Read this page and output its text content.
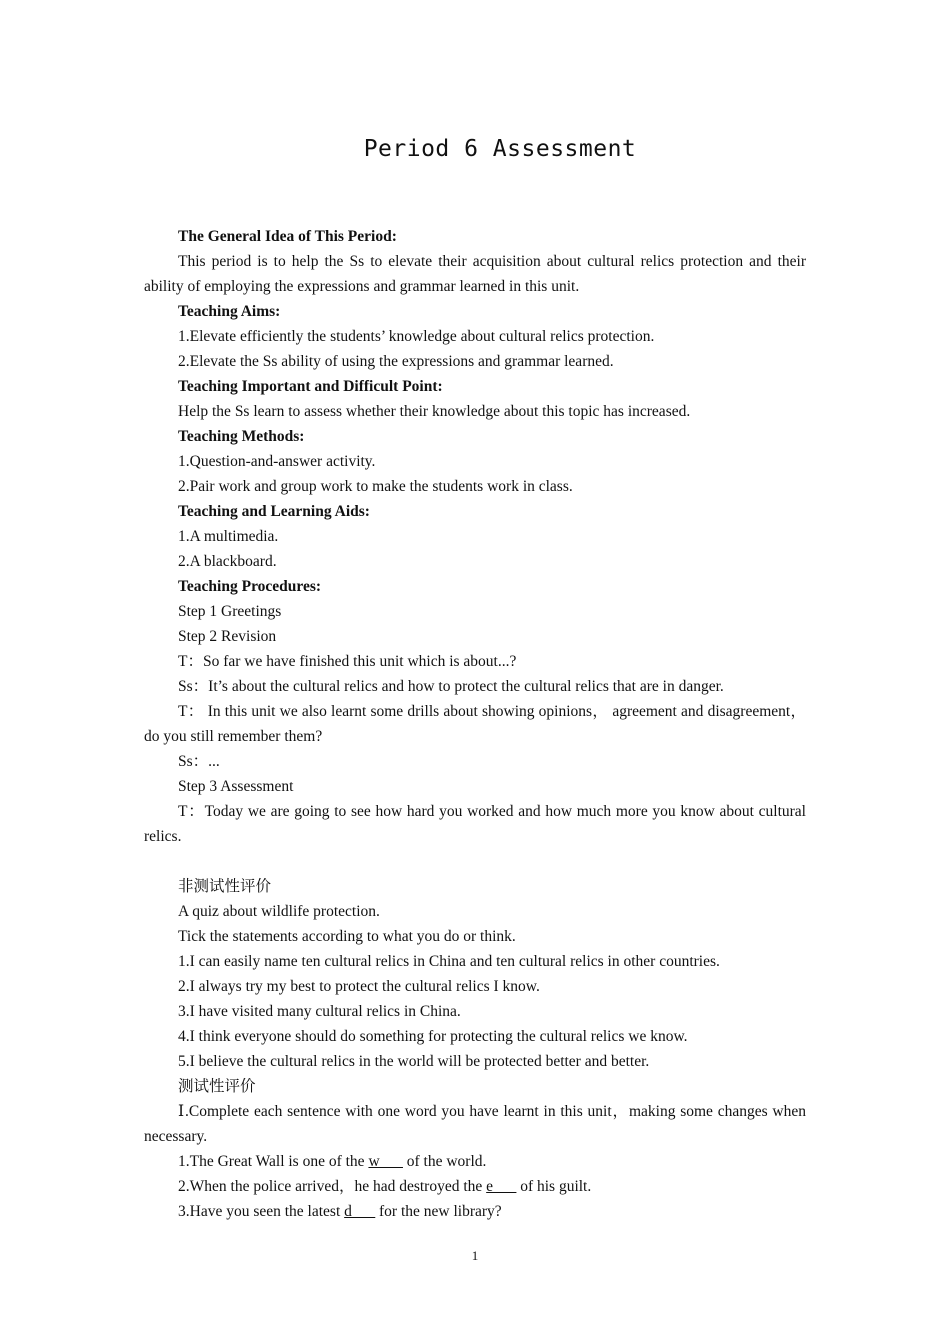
Period 6 Assessment

The General Idea of This Period:

This period is to help the Ss to elevate their acquisition about cultural relics protection and their ability of employing the expressions and grammar learned in this unit.

Teaching Aims:

1.Elevate efficiently the students’ knowledge about cultural relics protection.

2.Elevate the Ss ability of using the expressions and grammar learned.

Teaching Important and Difficult Point:

Help the Ss learn to assess whether their knowledge about this topic has increased.

Teaching Methods:

1.Question-and-answer activity.

2.Pair work and group work to make the students work in class.

Teaching and Learning Aids:

1.A multimedia.

2.A blackboard.

Teaching Procedures:

Step 1 Greetings

Step 2 Revision

T：So far we have finished this unit which is about...?

Ss：It’s about the cultural relics and how to protect the cultural relics that are in danger.

T： In this unit we also learnt some drills about showing opinions， agreement and disagreement，do you still remember them?

Ss：...

Step 3 Assessment

T：Today we are going to see how hard you worked and how much more you know about cultural relics.

非测试性评价

A quiz about wildlife protection.

Tick the statements according to what you do or think.

1.I can easily name ten cultural relics in China and ten cultural relics in other countries.

2.I always try my best to protect the cultural relics I know.

3.I have visited many cultural relics in China.

4.I think everyone should do something for protecting the cultural relics we know.

5.I believe the cultural relics in the world will be protected better and better.

测试性评价

Ⅰ.Complete each sentence with one word you have learnt in this unit，making some changes when necessary.

1.The Great Wall is one of the w___ of the world.

2.When the police arrived，he had destroyed the e___ of his guilt.

3.Have you seen the latest d___ for the new library?

1
